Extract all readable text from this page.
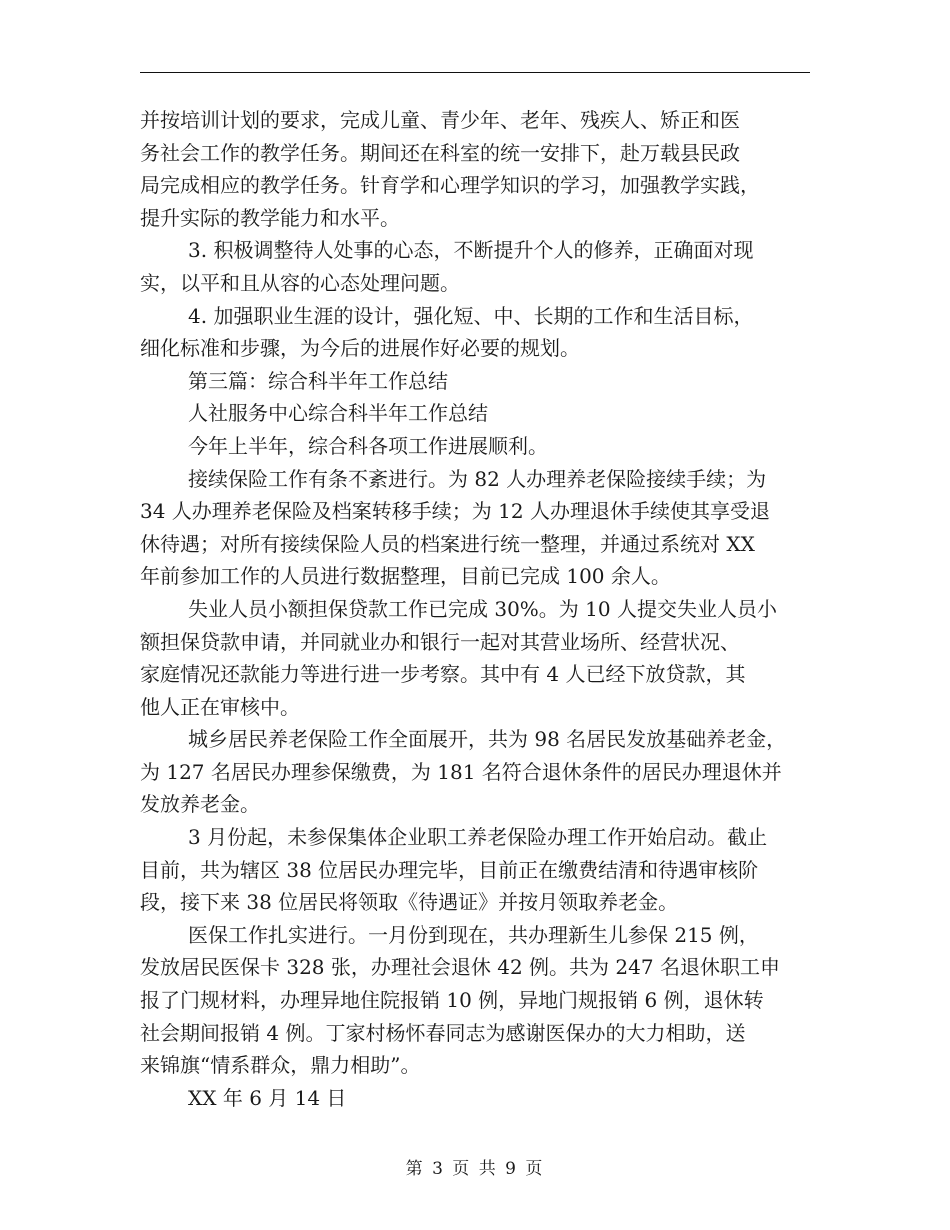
并按培训计划的要求，完成儿童、青少年、老年、残疾人、矫正和医
务社会工作的教学任务。期间还在科室的统一安排下，赴万载县民政
局完成相应的教学任务。针育学和心理学知识的学习，加强教学实践，
提升实际的教学能力和水平。
3. 积极调整待人处事的心态，不断提升个人的修养，正确面对现
实，以平和且从容的心态处理问题。
4. 加强职业生涯的设计，强化短、中、长期的工作和生活目标，
细化标准和步骤，为今后的进展作好必要的规划。
第三篇：综合科半年工作总结
人社服务中心综合科半年工作总结
今年上半年，综合科各项工作进展顺利。
接续保险工作有条不紊进行。为 82 人办理养老保险接续手续；为
34 人办理养老保险及档案转移手续；为 12 人办理退休手续使其享受退
休待遇；对所有接续保险人员的档案进行统一整理，并通过系统对 XX
年前参加工作的人员进行数据整理，目前已完成 100 余人。
失业人员小额担保贷款工作已完成 30%。为 10 人提交失业人员小
额担保贷款申请，并同就业办和银行一起对其营业场所、经营状况、
家庭情况还款能力等进行进一步考察。其中有 4 人已经下放贷款，其
他人正在审核中。
城乡居民养老保险工作全面展开，共为 98 名居民发放基础养老金，
为 127 名居民办理参保缴费，为 181 名符合退休条件的居民办理退休并
发放养老金。
3 月份起，未参保集体企业职工养老保险办理工作开始启动。截止
目前，共为辖区 38 位居民办理完毕，目前正在缴费结清和待遇审核阶
段，接下来 38 位居民将领取《待遇证》并按月领取养老金。
医保工作扎实进行。一月份到现在，共办理新生儿参保 215 例，
发放居民医保卡 328 张，办理社会退休 42 例。共为 247 名退休职工申
报了门规材料，办理异地住院报销 10 例，异地门规报销 6 例，退休转
社会期间报销 4 例。丁家村杨怀春同志为感谢医保办的大力相助，送
来锦旗“情系群众，鼎力相助”。
XX 年 6 月 14 日
第 3 页 共 9 页
